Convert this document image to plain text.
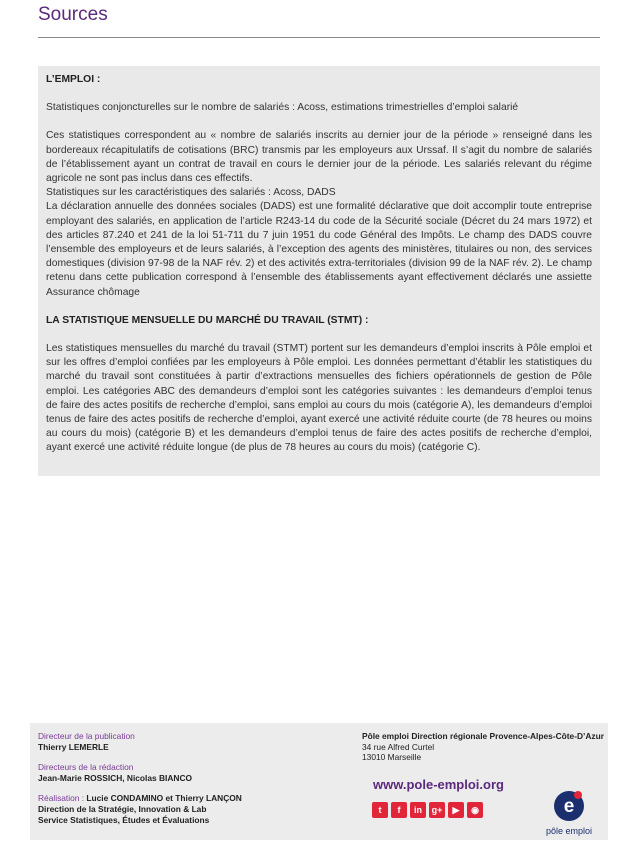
Sources

L’EMPLOI :

Statistiques conjoncturelles sur le nombre de salariés : Acoss, estimations trimestrielles d’emploi salarié

Ces statistiques correspondent au « nombre de salariés inscrits au dernier jour de la période » renseigné dans les bordereaux récapitulatifs de cotisations (BRC) transmis par les employeurs aux Urssaf. Il s’agit du nombre de salariés de l’établissement ayant un contrat de travail en cours le dernier jour de la période. Les salariés relevant du régime agricole ne sont pas inclus dans ces effectifs.

Statistiques sur les caractéristiques des salariés : Acoss, DADS

La déclaration annuelle des données sociales (DADS) est une formalité déclarative que doit accomplir toute entreprise employant des salariés, en application de l’article R243-14 du code de la Sécurité sociale (Décret du 24 mars 1972) et des articles 87.240 et 241 de la loi 51-711 du 7 juin 1951 du code Général des Impôts. Le champ des DADS couvre l’ensemble des employeurs et de leurs salariés, à l’exception des agents des ministères, titulaires ou non, des services domestiques (division 97-98 de la NAF rév. 2) et des activités extra-territoriales (division 99 de la NAF rév. 2). Le champ retenu dans cette publication correspond à l’ensemble des établissements ayant effectivement déclarés une assiette Assurance chômage

LA STATISTIQUE MENSUELLE DU MARCHÉ DU TRAVAIL (STMT) :

Les statistiques mensuelles du marché du travail (STMT) portent sur les demandeurs d’emploi inscrits à Pôle emploi et sur les offres d’emploi confiées par les employeurs à Pôle emploi. Les données permettant d’établir les statistiques du marché du travail sont constituées à partir d’extractions mensuelles des fichiers opérationnels de gestion de Pôle emploi. Les catégories ABC des demandeurs d’emploi sont les catégories suivantes : les demandeurs d’emploi tenus de faire des actes positifs de recherche d’emploi, sans emploi au cours du mois (catégorie A), les demandeurs d’emploi tenus de faire des actes positifs de recherche d’emploi, ayant exercé une activité réduite courte (de 78 heures ou moins au cours du mois) (catégorie B) et les demandeurs d’emploi tenus de faire des actes positifs de recherche d’emploi, ayant exercé une activité réduite longue (de plus de 78 heures au cours du mois) (catégorie C).

Directeur de la publication
Thierry LEMERLE
Directeurs de la rédaction
Jean-Marie ROSSICH, Nicolas BIANCO
Réalisation : Lucie CONDAMINO et Thierry LANÇON
Direction de la Stratégie, Innovation & Lab
Service Statistiques, Études et Évaluations
Pôle emploi Direction régionale Provence-Alpes-Côte-D’Azur
34 rue Alfred Curtel
13010 Marseille
www.pole-emploi.org
t	f	in	g+	▶	◉	e
pôle emploi
